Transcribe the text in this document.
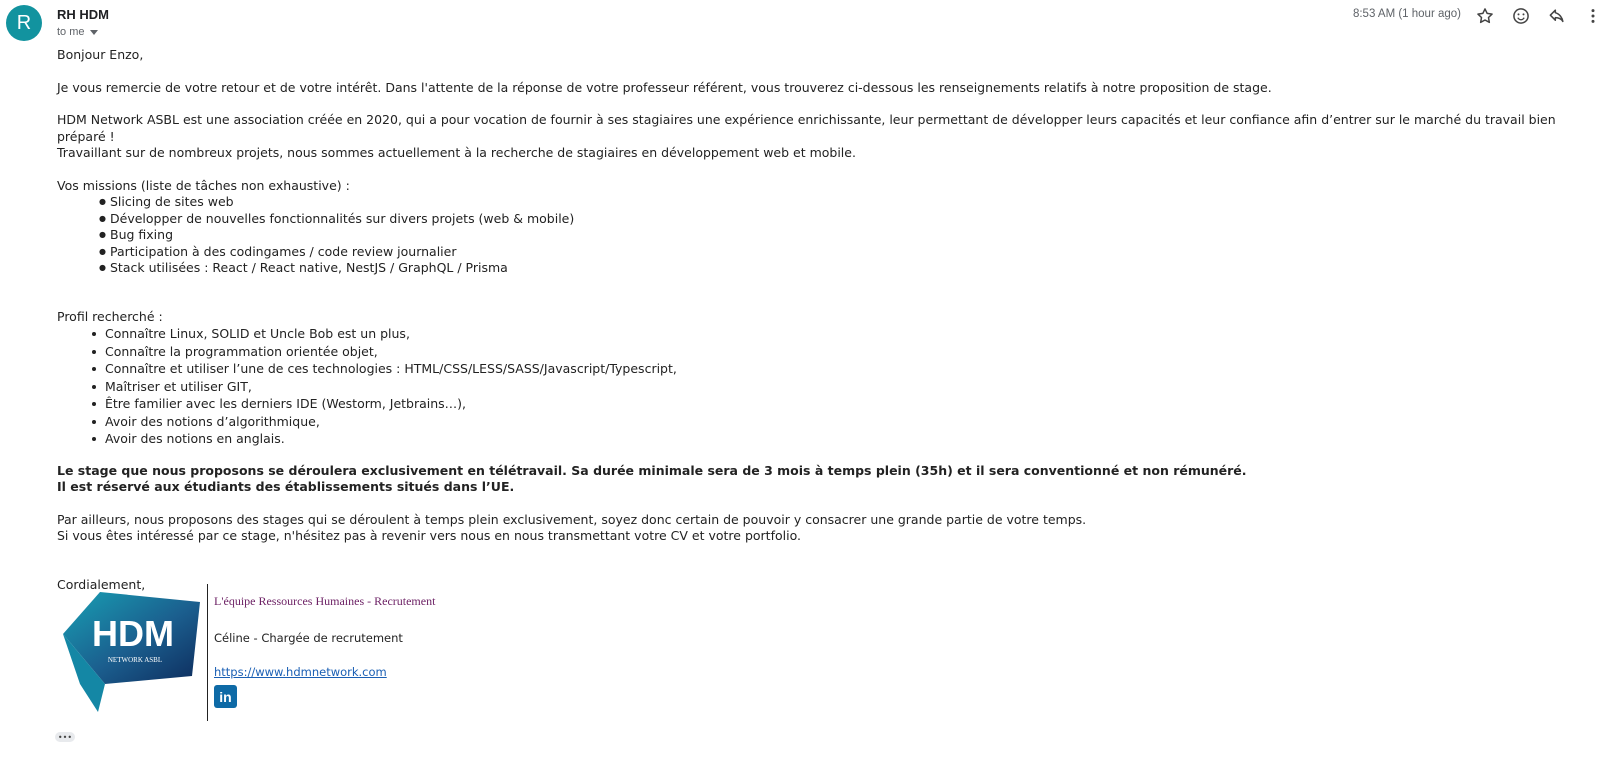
R	RH HDM
to me
8:53 AM (1 hour ago)

Bonjour Enzo,

Je vous remercie de votre retour et de votre intérêt. Dans l'attente de la réponse de votre professeur référent, vous trouverez ci-dessous les renseignements relatifs à notre proposition de stage.

HDM Network ASBL est une association créée en 2020, qui a pour vocation de fournir à ses stagiaires une expérience enrichissante, leur permettant de développer leurs capacités et leur confiance afin d’entrer sur le marché du travail bien préparé !

Travaillant sur de nombreux projets, nous sommes actuellement à la recherche de stagiaires en développement web et mobile.

Vos missions (liste de tâches non exhaustive) :

● Slicing de sites web
● Développer de nouvelles fonctionnalités sur divers projets (web & mobile)
● Bug fixing
● Participation à des codingames / code review journalier
● Stack utilisées : React / React native, NestJS / GraphQL / Prisma

Profil recherché :

Connaître Linux, SOLID et Uncle Bob est un plus,
Connaître la programmation orientée objet,
Connaître et utiliser l’une de ces technologies : HTML/CSS/LESS/SASS/Javascript/Typescript,
Maîtriser et utiliser GIT,
Être familier avec les derniers IDE (Westorm, Jetbrains…),
Avoir des notions d’algorithmique,
Avoir des notions en anglais.

Le stage que nous proposons se déroulera exclusivement en télétravail. Sa durée minimale sera de 3 mois à temps plein (35h) et il sera conventionné et non rémunéré.

Il est réservé aux étudiants des établissements situés dans l’UE.

Par ailleurs, nous proposons des stages qui se déroulent à temps plein exclusivement, soyez donc certain de pouvoir y consacrer une grande partie de votre temps.

Si vous êtes intéressé par ce stage, n'hésitez pas à revenir vers nous en nous transmettant votre CV et votre portfolio.

Cordialement,

HDM
NETWORK ASBL
L'équipe Ressources Humaines - Recrutement
Céline - Chargée de recrutement
https://www.hdmnetwork.com
in
•••
